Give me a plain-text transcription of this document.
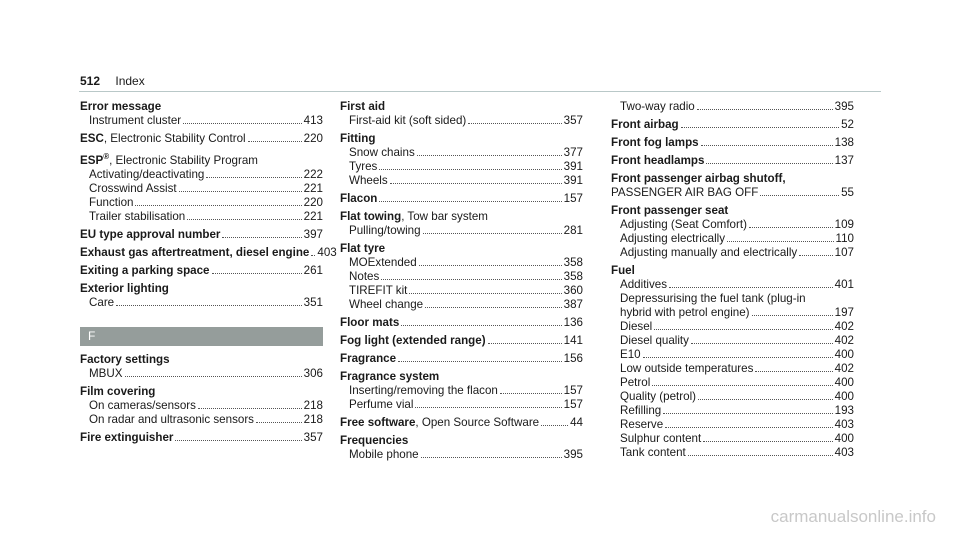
512 Index
Error message
Instrument cluster	413
ESC, Electronic Stability Control	220
ESP®, Electronic Stability Program
Activating/deactivating	222
Crosswind Assist	221
Function	220
Trailer stabilisation	221
EU type approval number	397
Exhaust gas aftertreatment, diesel engine 403
Exiting a parking space	261
Exterior lighting
Care	351
F
Factory settings
MBUX	306
Film covering
On cameras/sensors	218
On radar and ultrasonic sensors	218
Fire extinguisher	357
First aid
First-aid kit (soft sided)	357
Fitting
Snow chains	377
Tyres	391
Wheels	391
Flacon	157
Flat towing, Tow bar system
Pulling/towing	281
Flat tyre
MOExtended	358
Notes	358
TIREFIT kit	360
Wheel change	387
Floor mats	136
Fog light (extended range)	141
Fragrance	156
Fragrance system
Inserting/removing the flacon	157
Perfume vial	157
Free software, Open Source Software	44
Frequencies
Mobile phone	395
Two-way radio	395
Front airbag	52
Front fog lamps	138
Front headlamps	137
Front passenger airbag shutoff,
PASSENGER AIR BAG OFF	55
Front passenger seat
Adjusting (Seat Comfort)	109
Adjusting electrically	110
Adjusting manually and electrically	107
Fuel
Additives	401
Depressurising the fuel tank (plug-in
hybrid with petrol engine)	197
Diesel	402
Diesel quality	402
E10	400
Low outside temperatures	402
Petrol	400
Quality (petrol)	400
Refilling	193
Reserve	403
Sulphur content	400
Tank content	403
carmanualsonline.info
